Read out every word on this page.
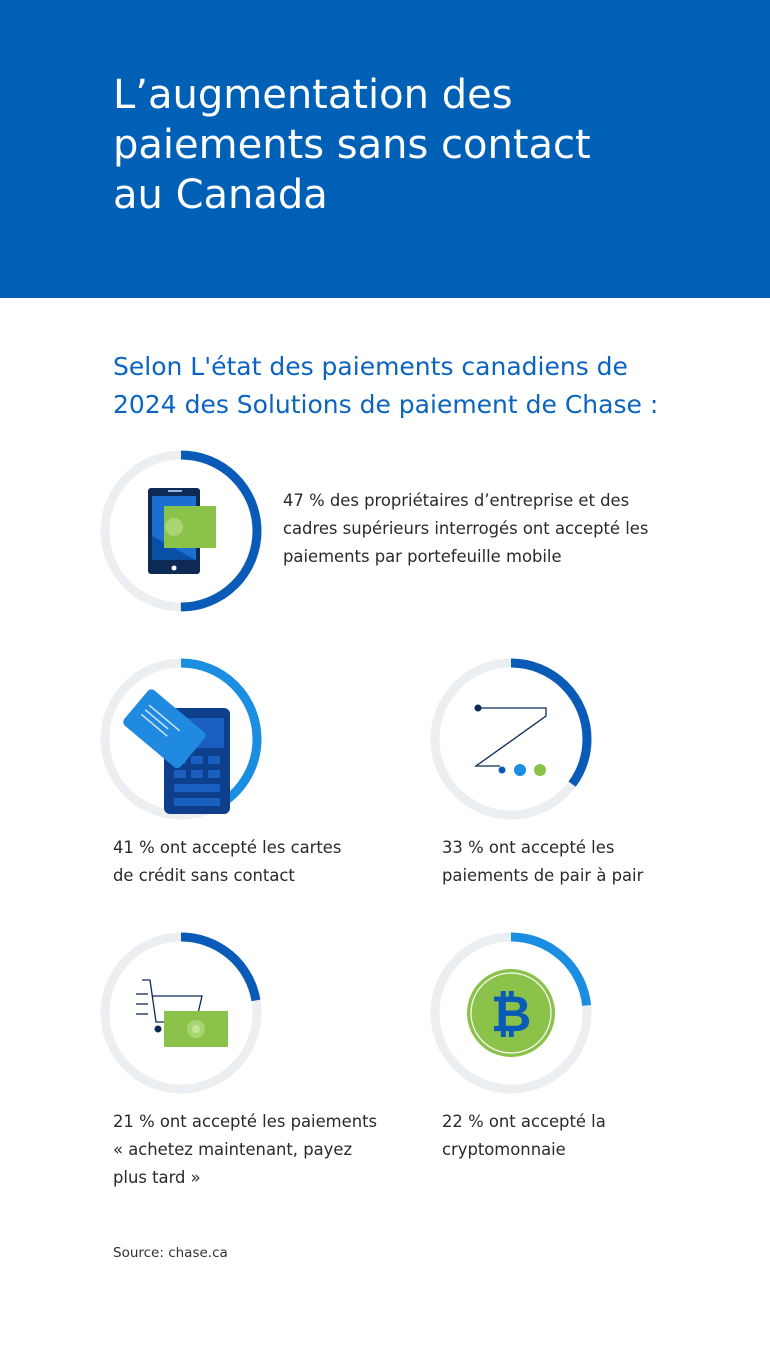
L’augmentation des
paiements sans contact
au Canada

Selon L'état des paiements canadiens de
2024 des Solutions de paiement de Chase :

47 % des propriétaires d’entreprise et des
cadres supérieurs interrogés ont accepté les
paiements par portefeuille mobile

41 % ont accepté les cartes
de crédit sans contact

33 % ont accepté les
paiements de pair à pair

21 % ont accepté les paiements
« achetez maintenant, payez
plus tard »

₿

22 % ont accepté la
cryptomonnaie

Source: chase.ca
